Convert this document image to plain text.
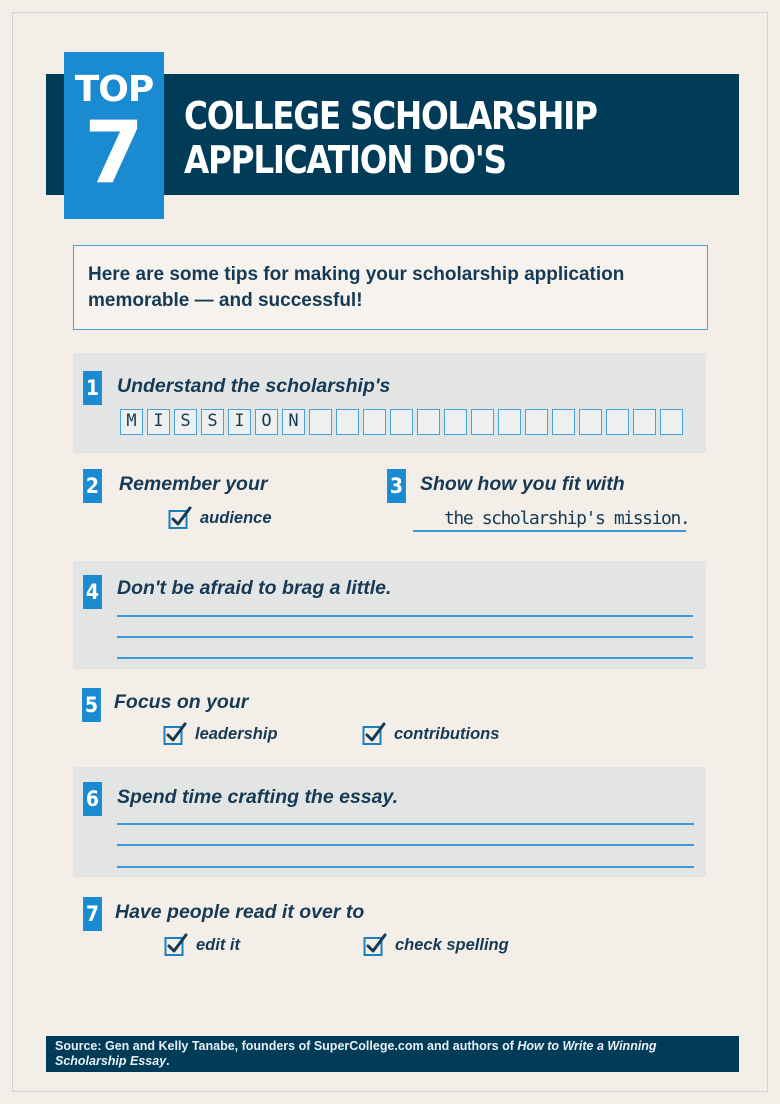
TOP
7	COLLEGE SCHOLARSHIP
APPLICATION DO'S
Here are some tips for making your scholarship application memorable — and successful!
1 Understand the scholarship's
M I S S I O N
2 Remember your
audience
3 Show how you fit with
the scholarship's mission.
4 Don't be afraid to brag a little.
5 Focus on your
leadership	contributions
6 Spend time crafting the essay.
7 Have people read it over to
edit it	check spelling
Source: Gen and Kelly Tanabe, founders of SuperCollege.com and authors of How to Write a Winning Scholarship Essay.
